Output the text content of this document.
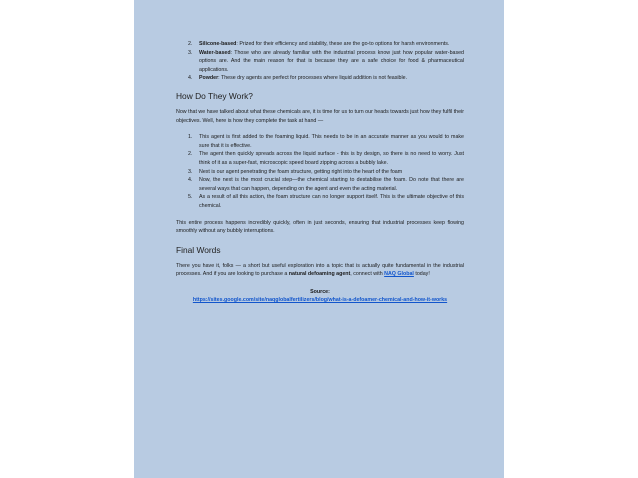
2. Silicone-based: Prized for their efficiency and stability, these are the go-to options for harsh environments.
3. Water-based: Those who are already familiar with the industrial process know just how popular water-based options are. And the main reason for that is because they are a safe choice for food & pharmaceutical applications.
4. Powder: These dry agents are perfect for processes where liquid addition is not feasible.
How Do They Work?

Now that we have talked about what these chemicals are, it is time for us to turn our heads towards just how they fulfil their objectives. Well, here is how they complete the task at hand —

1. This agent is first added to the foaming liquid. This needs to be in an accurate manner as you would to make sure that it is effective.
2. The agent then quickly spreads across the liquid surface - this is by design, so there is no need to worry. Just think of it as a super-fast, microscopic speed board zipping across a bubbly lake.
3. Next is our agent penetrating the foam structure, getting right into the heart of the foam
4. Now, the next is the most crucial step—the chemical starting to destabilise the foam. Do note that there are several ways that can happen, depending on the agent and even the acting material.
5. As a result of all this action, the foam structure can no longer support itself. This is the ultimate objective of this chemical.

This entire process happens incredibly quickly, often in just seconds, ensuring that industrial processes keep flowing smoothly without any bubbly interruptions.

Final Words

There you have it, folks — a short but useful exploration into a topic that is actually quite fundamental in the industrial processes. And if you are looking to purchase a natural defoaming agent, connect with NAQ Global today!

Source:
https://sites.google.com/site/naqglobalfertilizers/blog/what-is-a-defoamer-chemical-and-how-it-works
